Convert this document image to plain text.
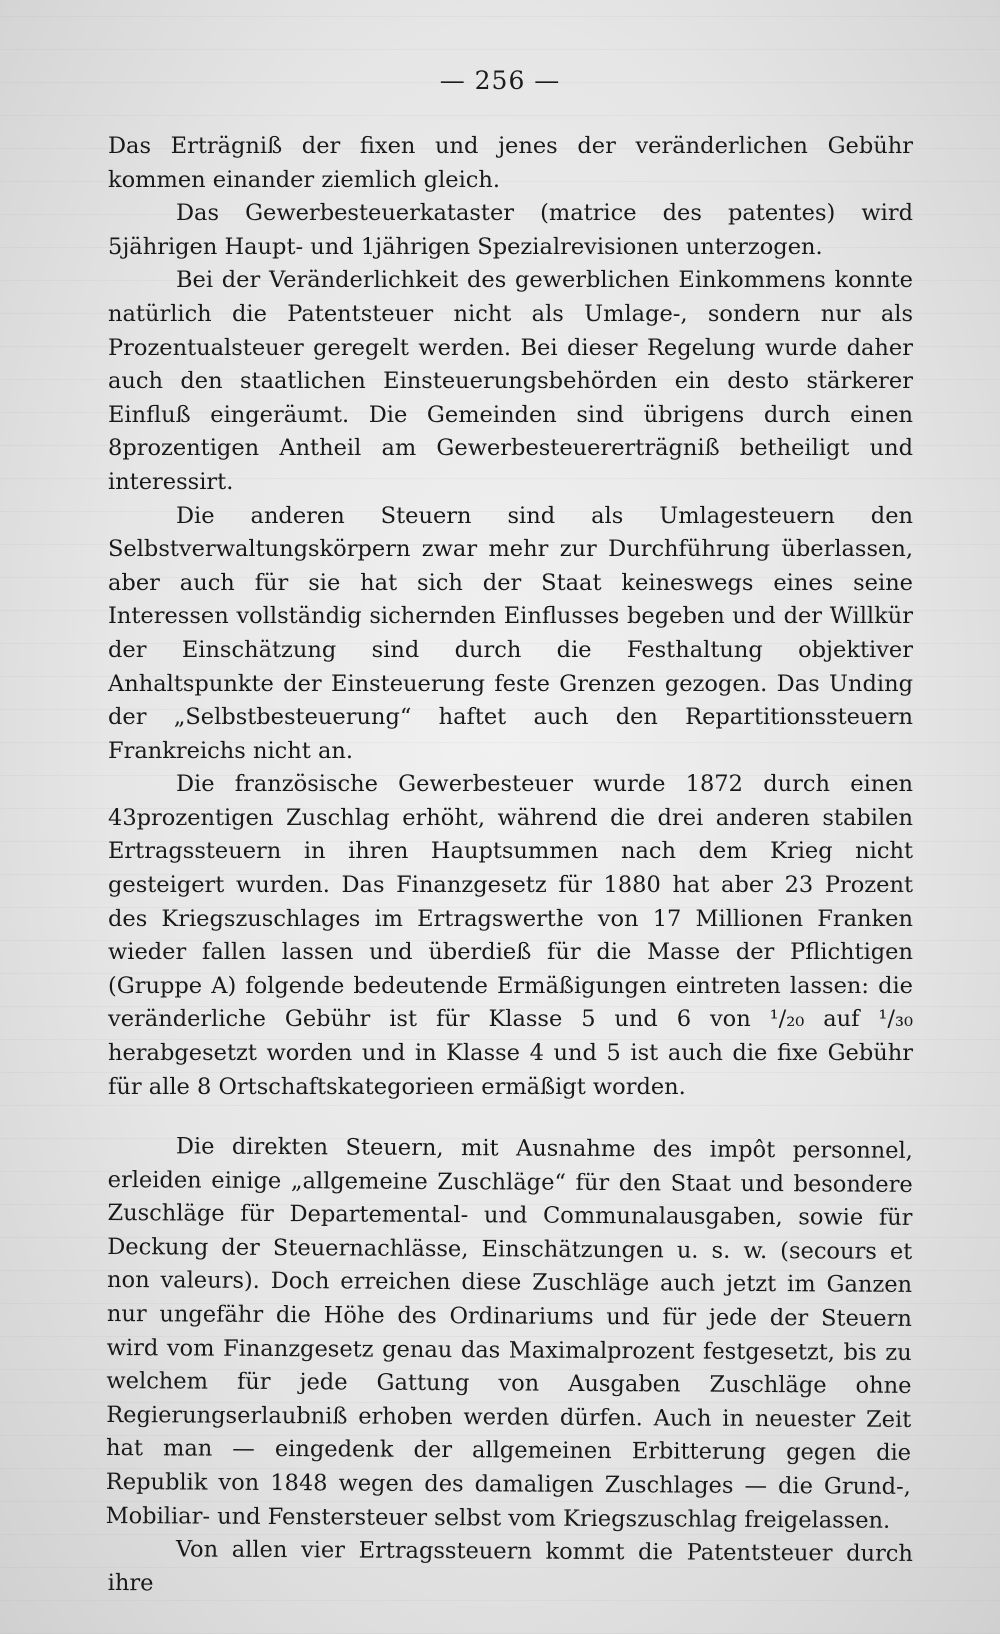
— 256 —

Das Erträgniß der fixen und jenes der veränderlichen Gebühr kommen einander ziemlich gleich.

Das Gewerbesteuerkataster (matrice des patentes) wird 5jährigen Haupt- und 1jährigen Spezialrevisionen unterzogen.

Bei der Veränderlichkeit des gewerblichen Einkommens konnte natürlich die Patentsteuer nicht als Umlage-, sondern nur als Prozentualsteuer geregelt werden. Bei dieser Regelung wurde daher auch den staatlichen Einsteuerungsbehörden ein desto stärkerer Einfluß eingeräumt. Die Gemeinden sind übrigens durch einen 8prozentigen Antheil am Gewerbesteuererträgniß betheiligt und interessirt.

Die anderen Steuern sind als Umlagesteuern den Selbstverwaltungskörpern zwar mehr zur Durchführung überlassen, aber auch für sie hat sich der Staat keineswegs eines seine Interessen vollständig sichernden Einflusses begeben und der Willkür der Einschätzung sind durch die Festhaltung objektiver Anhaltspunkte der Einsteuerung feste Grenzen gezogen. Das Unding der „Selbstbesteuerung“ haftet auch den Repartitionssteuern Frankreichs nicht an.

Die französische Gewerbesteuer wurde 1872 durch einen 43prozentigen Zuschlag erhöht, während die drei anderen stabilen Ertragssteuern in ihren Hauptsummen nach dem Krieg nicht gesteigert wurden. Das Finanzgesetz für 1880 hat aber 23 Prozent des Kriegszuschlages im Ertragswerthe von 17 Millionen Franken wieder fallen lassen und überdieß für die Masse der Pflichtigen (Gruppe A) folgende bedeutende Ermäßigungen eintreten lassen: die veränderliche Gebühr ist für Klasse 5 und 6 von ¹/₂₀ auf ¹/₃₀ herabgesetzt worden und in Klasse 4 und 5 ist auch die fixe Gebühr für alle 8 Ortschaftskategorieen ermäßigt worden.

Die direkten Steuern, mit Ausnahme des impôt personnel, erleiden einige „allgemeine Zuschläge“ für den Staat und besondere Zuschläge für Departemental- und Communalausgaben, sowie für Deckung der Steuernachlässe, Einschätzungen u. s. w. (secours et non valeurs). Doch erreichen diese Zuschläge auch jetzt im Ganzen nur ungefähr die Höhe des Ordinariums und für jede der Steuern wird vom Finanzgesetz genau das Maximalprozent festgesetzt, bis zu welchem für jede Gattung von Ausgaben Zuschläge ohne Regierungserlaubniß erhoben werden dürfen. Auch in neuester Zeit hat man — eingedenk der allgemeinen Erbitterung gegen die Republik von 1848 wegen des damaligen Zuschlages — die Grund-, Mobiliar- und Fenstersteuer selbst vom Kriegszuschlag freigelassen.

Von allen vier Ertragssteuern kommt die Patentsteuer durch ihre
